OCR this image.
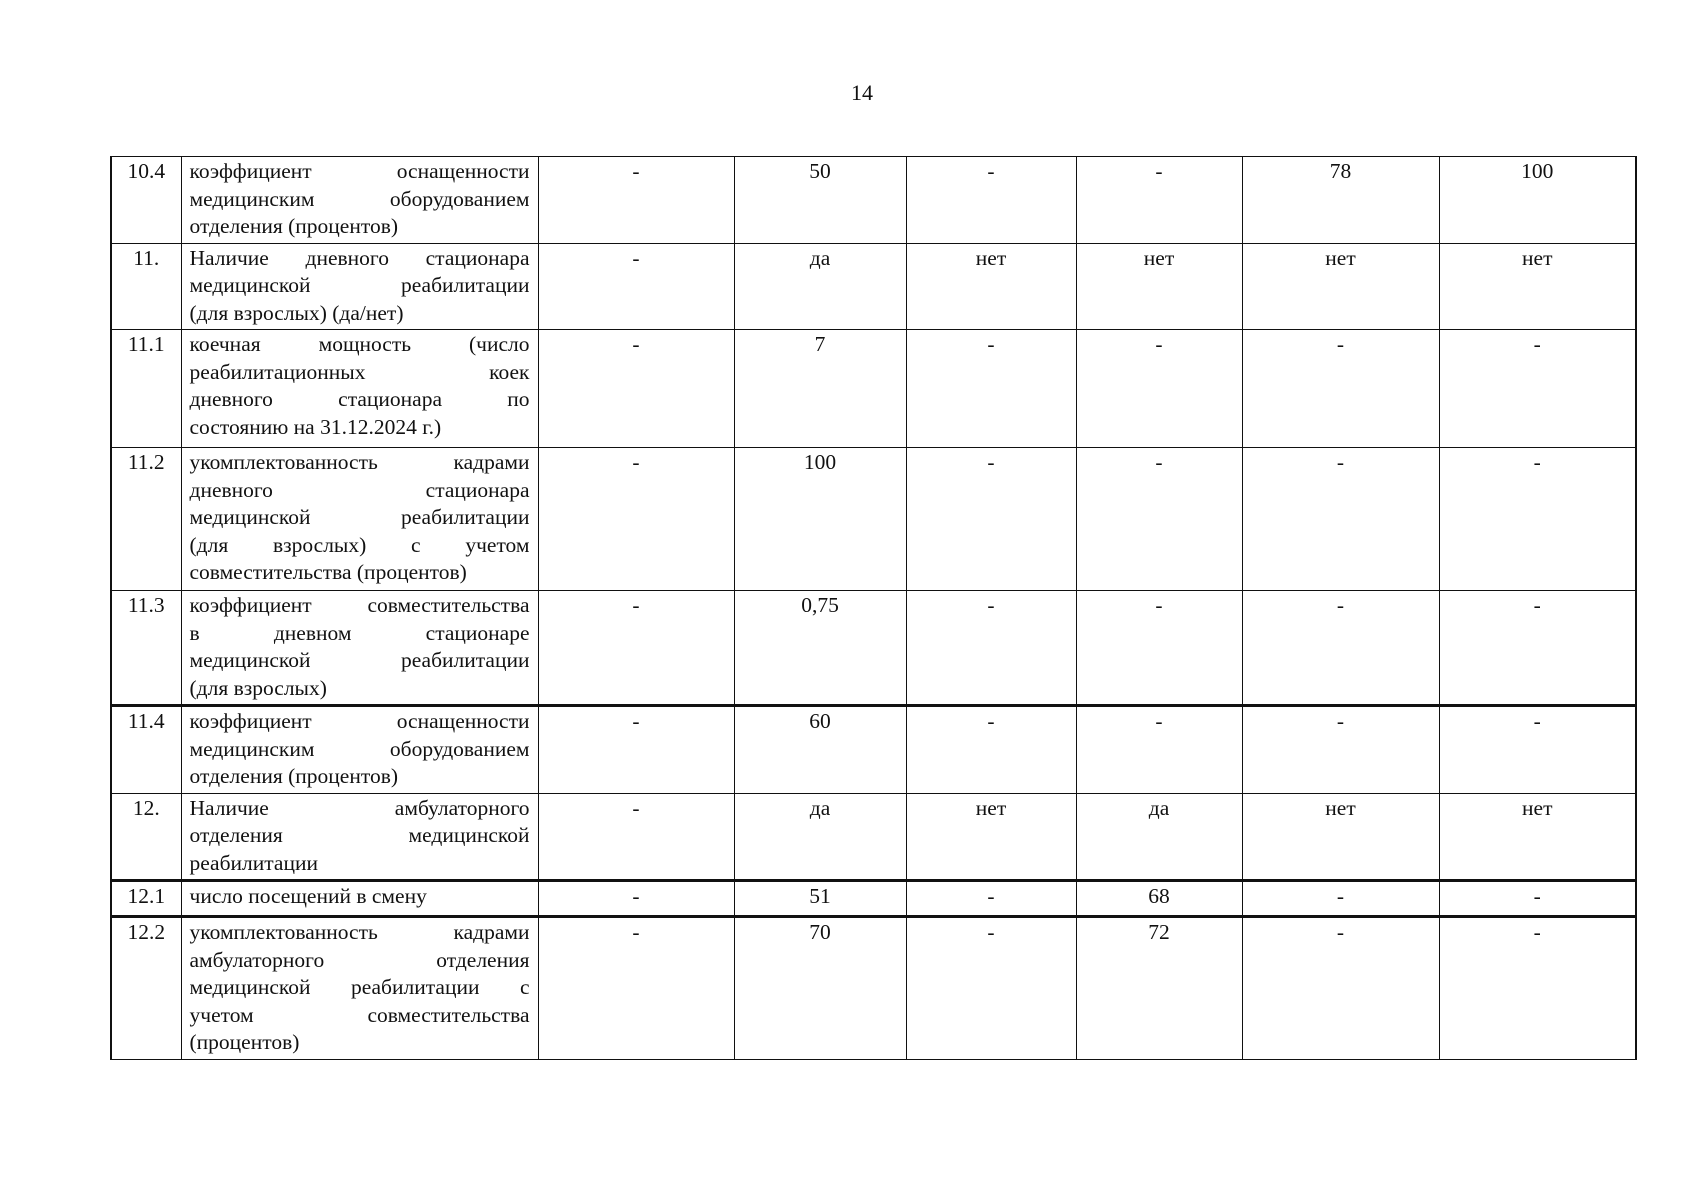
14
10.4	коэффициент оснащенности
медицинским оборудованием
отделения (процентов)	-	50	-	-	78	100
11.	Наличие дневного стационара
медицинской реабилитации
(для взрослых) (да/нет)	-	да	нет	нет	нет	нет
11.1	коечная мощность (число
реабилитационных коек
дневного стационара по
состоянию на 31.12.2024 г.)	-	7	-	-	-	-
11.2	укомплектованность кадрами
дневного стационара
медицинской реабилитации
(для взрослых) с учетом
совместительства (процентов)	-	100	-	-	-	-
11.3	коэффициент совместительства
в дневном стационаре
медицинской реабилитации
(для взрослых)	-	0,75	-	-	-	-
11.4	коэффициент оснащенности
медицинским оборудованием
отделения (процентов)	-	60	-	-	-	-
12.	Наличие амбулаторного
отделения медицинской
реабилитации	-	да	нет	да	нет	нет
12.1	число посещений в смену	-	51	-	68	-	-
12.2	укомплектованность кадрами
амбулаторного отделения
медицинской реабилитации с
учетом совместительства
(процентов)	-	70	-	72	-	-
